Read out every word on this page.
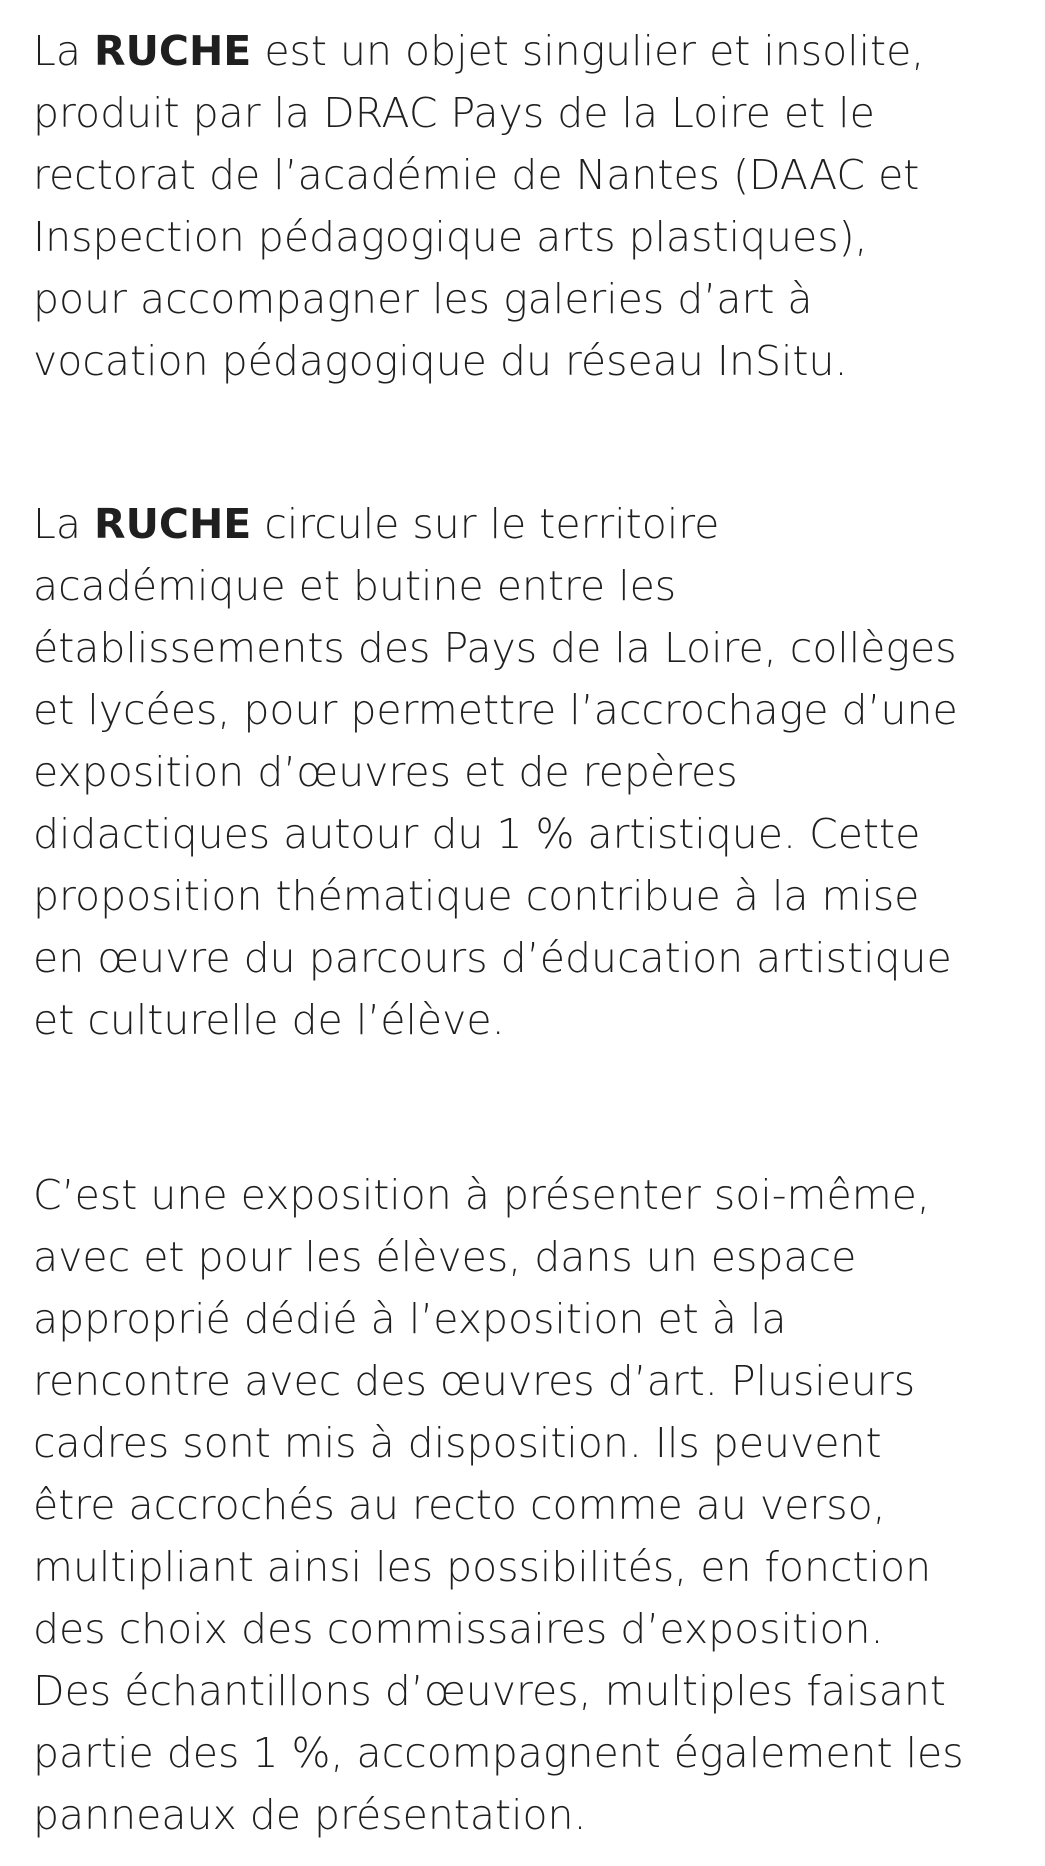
La RUCHE est un objet singulier et insolite,
produit par la DRAC Pays de la Loire et le
rectorat de l’académie de Nantes (DAAC et
Inspection pédagogique arts plastiques),
pour accompagner les galeries d’art à
vocation pédagogique du réseau InSitu.

La RUCHE circule sur le territoire
académique et butine entre les
établissements des Pays de la Loire, collèges
et lycées, pour permettre l’accrochage d’une
exposition d’œuvres et de repères
didactiques autour du 1 % artistique. Cette
proposition thématique contribue à la mise
en œuvre du parcours d’éducation artistique
et culturelle de l’élève.

C’est une exposition à présenter soi-même,
avec et pour les élèves, dans un espace
approprié dédié à l’exposition et à la
rencontre avec des œuvres d’art. Plusieurs
cadres sont mis à disposition. Ils peuvent
être accrochés au recto comme au verso,
multipliant ainsi les possibilités, en fonction
des choix des commissaires d’exposition.
Des échantillons d’œuvres, multiples faisant
partie des 1 %, accompagnent également les
panneaux de présentation.
